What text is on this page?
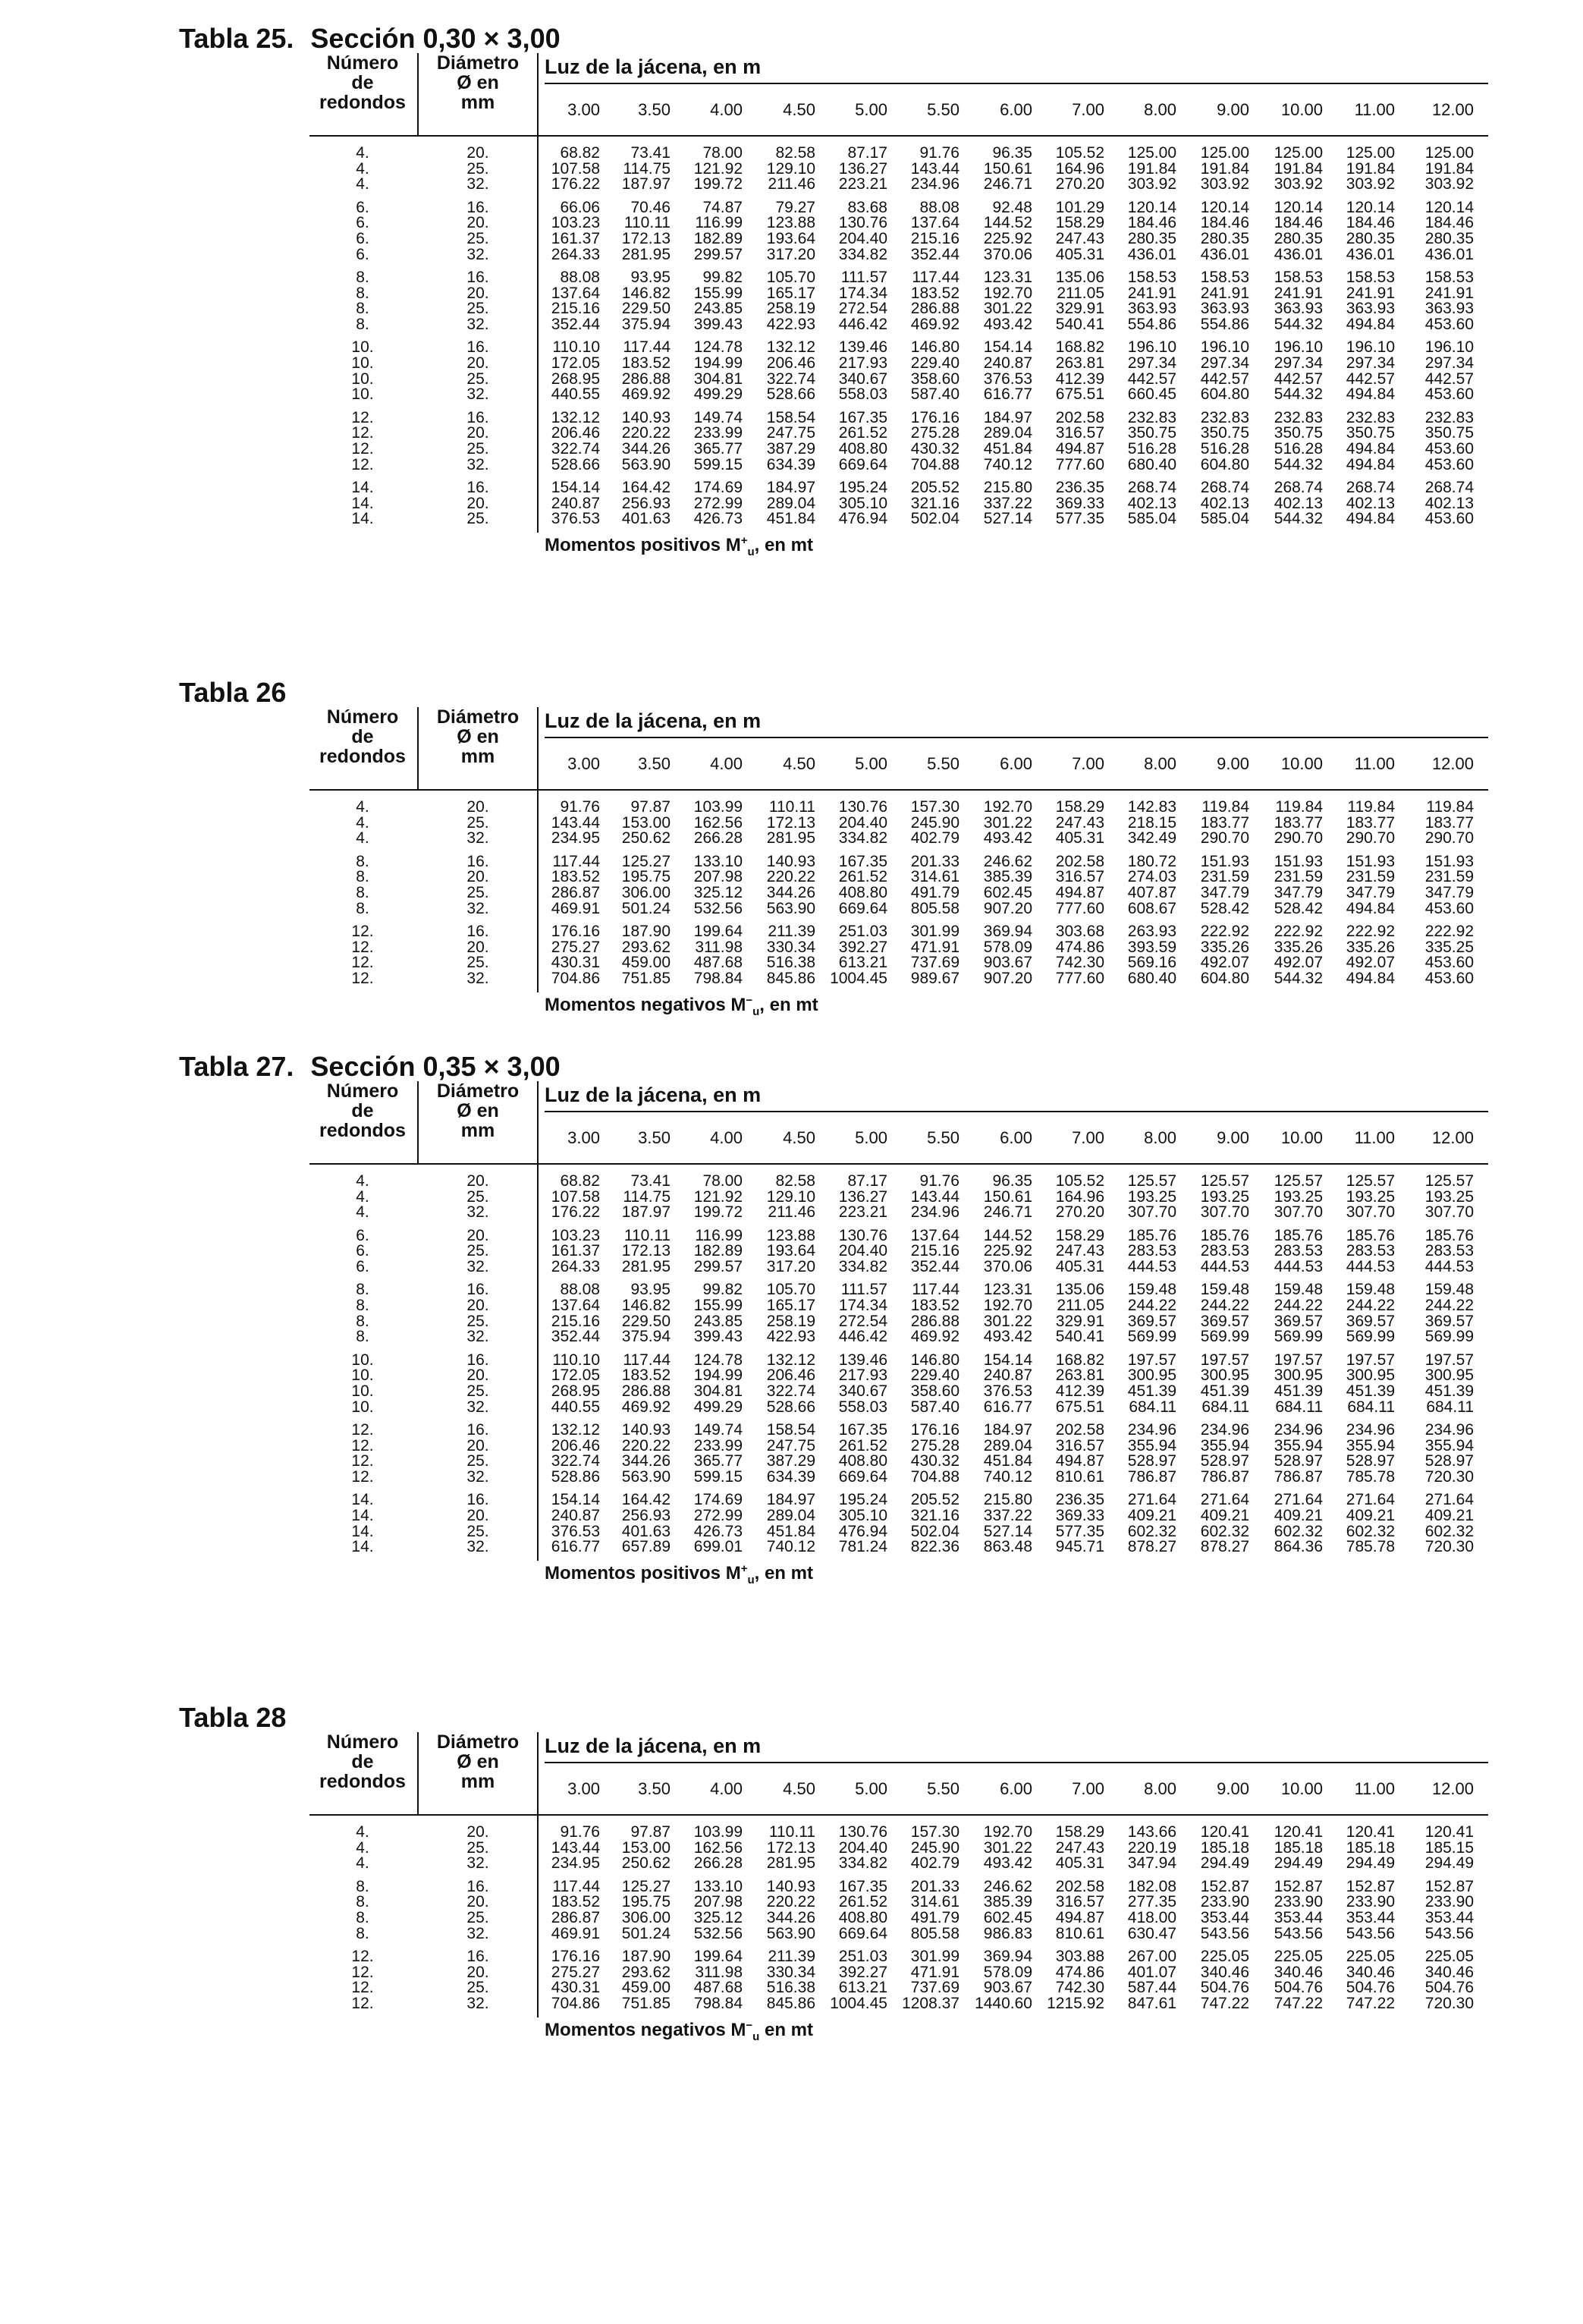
Tabla 25. Sección 0,30 × 3,00
Número
de
redondos
Diámetro
Ø en
mm
Luz de la jácena, en m
3.00	3.50	4.00	4.50	5.00	5.50	6.00	7.00	8.00	9.00	10.00	11.00	12.00
4.	20.	68.82	73.41	78.00	82.58	87.17	91.76	96.35	105.52	125.00	125.00	125.00	125.00	125.00
4.	25.	107.58	114.75	121.92	129.10	136.27	143.44	150.61	164.96	191.84	191.84	191.84	191.84	191.84
4.	32.	176.22	187.97	199.72	211.46	223.21	234.96	246.71	270.20	303.92	303.92	303.92	303.92	303.92
6.	16.	66.06	70.46	74.87	79.27	83.68	88.08	92.48	101.29	120.14	120.14	120.14	120.14	120.14
6.	20.	103.23	110.11	116.99	123.88	130.76	137.64	144.52	158.29	184.46	184.46	184.46	184.46	184.46
6.	25.	161.37	172.13	182.89	193.64	204.40	215.16	225.92	247.43	280.35	280.35	280.35	280.35	280.35
6.	32.	264.33	281.95	299.57	317.20	334.82	352.44	370.06	405.31	436.01	436.01	436.01	436.01	436.01
8.	16.	88.08	93.95	99.82	105.70	111.57	117.44	123.31	135.06	158.53	158.53	158.53	158.53	158.53
8.	20.	137.64	146.82	155.99	165.17	174.34	183.52	192.70	211.05	241.91	241.91	241.91	241.91	241.91
8.	25.	215.16	229.50	243.85	258.19	272.54	286.88	301.22	329.91	363.93	363.93	363.93	363.93	363.93
8.	32.	352.44	375.94	399.43	422.93	446.42	469.92	493.42	540.41	554.86	554.86	544.32	494.84	453.60
10.	16.	110.10	117.44	124.78	132.12	139.46	146.80	154.14	168.82	196.10	196.10	196.10	196.10	196.10
10.	20.	172.05	183.52	194.99	206.46	217.93	229.40	240.87	263.81	297.34	297.34	297.34	297.34	297.34
10.	25.	268.95	286.88	304.81	322.74	340.67	358.60	376.53	412.39	442.57	442.57	442.57	442.57	442.57
10.	32.	440.55	469.92	499.29	528.66	558.03	587.40	616.77	675.51	660.45	604.80	544.32	494.84	453.60
12.	16.	132.12	140.93	149.74	158.54	167.35	176.16	184.97	202.58	232.83	232.83	232.83	232.83	232.83
12.	20.	206.46	220.22	233.99	247.75	261.52	275.28	289.04	316.57	350.75	350.75	350.75	350.75	350.75
12.	25.	322.74	344.26	365.77	387.29	408.80	430.32	451.84	494.87	516.28	516.28	516.28	494.84	453.60
12.	32.	528.66	563.90	599.15	634.39	669.64	704.88	740.12	777.60	680.40	604.80	544.32	494.84	453.60
14.	16.	154.14	164.42	174.69	184.97	195.24	205.52	215.80	236.35	268.74	268.74	268.74	268.74	268.74
14.	20.	240.87	256.93	272.99	289.04	305.10	321.16	337.22	369.33	402.13	402.13	402.13	402.13	402.13
14.	25.	376.53	401.63	426.73	451.84	476.94	502.04	527.14	577.35	585.04	585.04	544.32	494.84	453.60
Momentos positivos $M^+_u$, en mt
Tabla 26
Número
de
redondos
Diámetro
Ø en
mm
Luz de la jácena, en m
3.00	3.50	4.00	4.50	5.00	5.50	6.00	7.00	8.00	9.00	10.00	11.00	12.00
4.	20.	91.76	97.87	103.99	110.11	130.76	157.30	192.70	158.29	142.83	119.84	119.84	119.84	119.84
4.	25.	143.44	153.00	162.56	172.13	204.40	245.90	301.22	247.43	218.15	183.77	183.77	183.77	183.77
4.	32.	234.95	250.62	266.28	281.95	334.82	402.79	493.42	405.31	342.49	290.70	290.70	290.70	290.70
8.	16.	117.44	125.27	133.10	140.93	167.35	201.33	246.62	202.58	180.72	151.93	151.93	151.93	151.93
8.	20.	183.52	195.75	207.98	220.22	261.52	314.61	385.39	316.57	274.03	231.59	231.59	231.59	231.59
8.	25.	286.87	306.00	325.12	344.26	408.80	491.79	602.45	494.87	407.87	347.79	347.79	347.79	347.79
8.	32.	469.91	501.24	532.56	563.90	669.64	805.58	907.20	777.60	608.67	528.42	528.42	494.84	453.60
12.	16.	176.16	187.90	199.64	211.39	251.03	301.99	369.94	303.68	263.93	222.92	222.92	222.92	222.92
12.	20.	275.27	293.62	311.98	330.34	392.27	471.91	578.09	474.86	393.59	335.26	335.26	335.26	335.25
12.	25.	430.31	459.00	487.68	516.38	613.21	737.69	903.67	742.30	569.16	492.07	492.07	492.07	453.60
12.	32.	704.86	751.85	798.84	845.86 1004.45	989.67	907.20	777.60	680.40	604.80	544.32	494.84	453.60
Momentos negativos $M^-_u$, en mt
Tabla 27. Sección 0,35 × 3,00
Número
de
redondos
Diámetro
Ø en
mm
Luz de la jácena, en m
3.00	3.50	4.00	4.50	5.00	5.50	6.00	7.00	8.00	9.00	10.00	11.00	12.00
4.	20.	68.82	73.41	78.00	82.58	87.17	91.76	96.35	105.52	125.57	125.57	125.57	125.57	125.57
4.	25.	107.58	114.75	121.92	129.10	136.27	143.44	150.61	164.96	193.25	193.25	193.25	193.25	193.25
4.	32.	176.22	187.97	199.72	211.46	223.21	234.96	246.71	270.20	307.70	307.70	307.70	307.70	307.70
6.	20.	103.23	110.11	116.99	123.88	130.76	137.64	144.52	158.29	185.76	185.76	185.76	185.76	185.76
6.	25.	161.37	172.13	182.89	193.64	204.40	215.16	225.92	247.43	283.53	283.53	283.53	283.53	283.53
6.	32.	264.33	281.95	299.57	317.20	334.82	352.44	370.06	405.31	444.53	444.53	444.53	444.53	444.53
8.	16.	88.08	93.95	99.82	105.70	111.57	117.44	123.31	135.06	159.48	159.48	159.48	159.48	159.48
8.	20.	137.64	146.82	155.99	165.17	174.34	183.52	192.70	211.05	244.22	244.22	244.22	244.22	244.22
8.	25.	215.16	229.50	243.85	258.19	272.54	286.88	301.22	329.91	369.57	369.57	369.57	369.57	369.57
8.	32.	352.44	375.94	399.43	422.93	446.42	469.92	493.42	540.41	569.99	569.99	569.99	569.99	569.99
10.	16.	110.10	117.44	124.78	132.12	139.46	146.80	154.14	168.82	197.57	197.57	197.57	197.57	197.57
10.	20.	172.05	183.52	194.99	206.46	217.93	229.40	240.87	263.81	300.95	300.95	300.95	300.95	300.95
10.	25.	268.95	286.88	304.81	322.74	340.67	358.60	376.53	412.39	451.39	451.39	451.39	451.39	451.39
10.	32.	440.55	469.92	499.29	528.66	558.03	587.40	616.77	675.51	684.11	684.11	684.11	684.11	684.11
12.	16.	132.12	140.93	149.74	158.54	167.35	176.16	184.97	202.58	234.96	234.96	234.96	234.96	234.96
12.	20.	206.46	220.22	233.99	247.75	261.52	275.28	289.04	316.57	355.94	355.94	355.94	355.94	355.94
12.	25.	322.74	344.26	365.77	387.29	408.80	430.32	451.84	494.87	528.97	528.97	528.97	528.97	528.97
12.	32.	528.86	563.90	599.15	634.39	669.64	704.88	740.12	810.61	786.87	786.87	786.87	785.78	720.30
14.	16.	154.14	164.42	174.69	184.97	195.24	205.52	215.80	236.35	271.64	271.64	271.64	271.64	271.64
14.	20.	240.87	256.93	272.99	289.04	305.10	321.16	337.22	369.33	409.21	409.21	409.21	409.21	409.21
14.	25.	376.53	401.63	426.73	451.84	476.94	502.04	527.14	577.35	602.32	602.32	602.32	602.32	602.32
14.	32.	616.77	657.89	699.01	740.12	781.24	822.36	863.48	945.71	878.27	878.27	864.36	785.78	720.30
Momentos positivos $M^+_u$, en mt
Tabla 28
Número
de
redondos
Diámetro
Ø en
mm
Luz de la jácena, en m
3.00	3.50	4.00	4.50	5.00	5.50	6.00	7.00	8.00	9.00	10.00	11.00	12.00
4.	20.	91.76	97.87	103.99	110.11	130.76	157.30	192.70	158.29	143.66	120.41	120.41	120.41	120.41
4.	25.	143.44	153.00	162.56	172.13	204.40	245.90	301.22	247.43	220.19	185.18	185.18	185.18	185.15
4.	32.	234.95	250.62	266.28	281.95	334.82	402.79	493.42	405.31	347.94	294.49	294.49	294.49	294.49
8.	16.	117.44	125.27	133.10	140.93	167.35	201.33	246.62	202.58	182.08	152.87	152.87	152.87	152.87
8.	20.	183.52	195.75	207.98	220.22	261.52	314.61	385.39	316.57	277.35	233.90	233.90	233.90	233.90
8.	25.	286.87	306.00	325.12	344.26	408.80	491.79	602.45	494.87	418.00	353.44	353.44	353.44	353.44
8.	32.	469.91	501.24	532.56	563.90	669.64	805.58	986.83	810.61	630.47	543.56	543.56	543.56	543.56
12.	16.	176.16	187.90	199.64	211.39	251.03	301.99	369.94	303.88	267.00	225.05	225.05	225.05	225.05
12.	20.	275.27	293.62	311.98	330.34	392.27	471.91	578.09	474.86	401.07	340.46	340.46	340.46	340.46
12.	25.	430.31	459.00	487.68	516.38	613.21	737.69	903.67	742.30	587.44	504.76	504.76	504.76	504.76
12.	32.	704.86	751.85	798.84	845.86 1004.45 1208.37 1440.60 1215.92	847.61	747.22	747.22	747.22	720.30
Momentos negativos $M^-_u$ en mt
